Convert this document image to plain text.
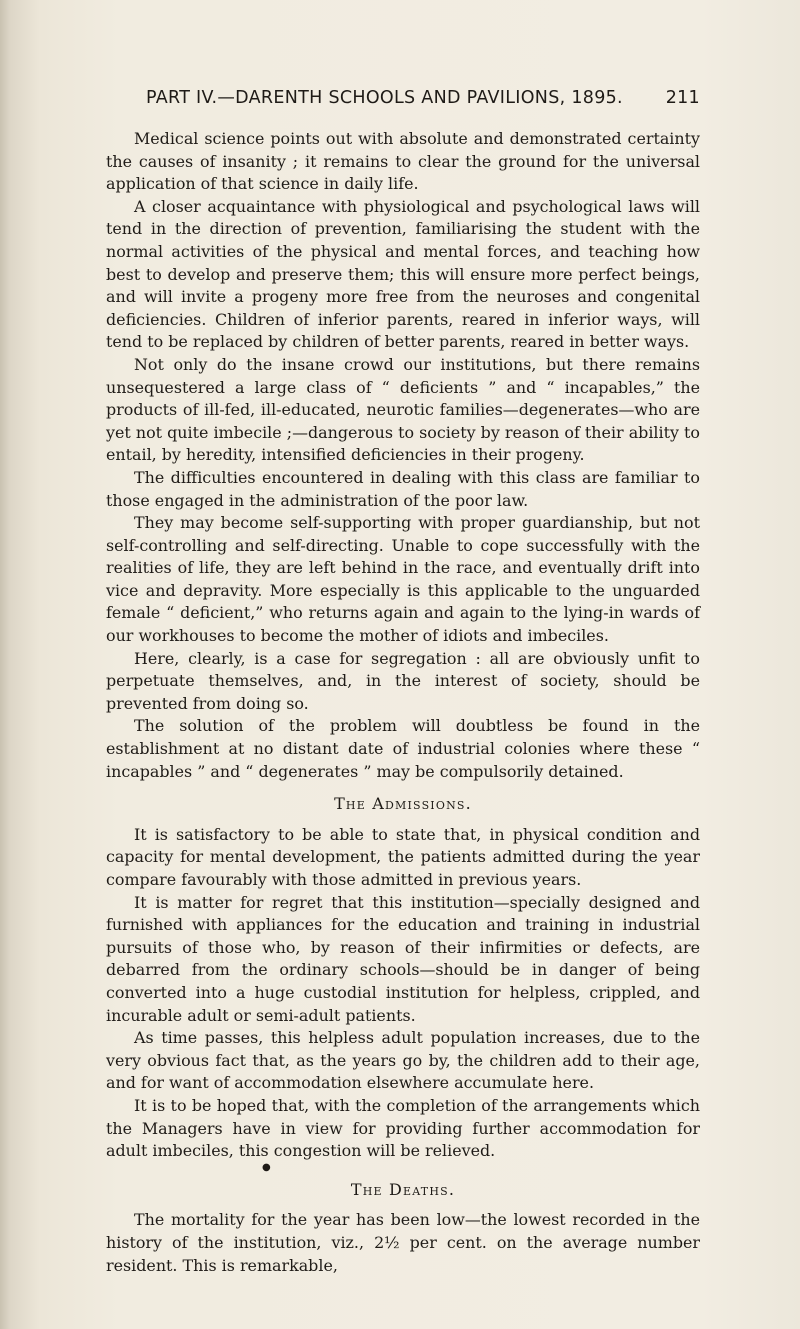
PART IV.—DARENTH SCHOOLS AND PAVILIONS, 1895. 211

Medical science points out with absolute and demonstrated certainty the causes of insanity ; it remains to clear the ground for the universal application of that science in daily life.

A closer acquaintance with physiological and psychological laws will tend in the direction of prevention, familiarising the student with the normal activities of the physical and mental forces, and teaching how best to develop and preserve them; this will ensure more perfect beings, and will invite a progeny more free from the neuroses and congenital deficiencies. Children of inferior parents, reared in inferior ways, will tend to be replaced by children of better parents, reared in better ways.

Not only do the insane crowd our institutions, but there remains unsequestered a large class of “ deficients ” and “ incapables,” the products of ill-fed, ill-educated, neurotic families—degenerates—who are yet not quite imbecile ;—dangerous to society by reason of their ability to entail, by heredity, intensified deficiencies in their progeny.

The difficulties encountered in dealing with this class are familiar to those engaged in the administration of the poor law.

They may become self-supporting with proper guardianship, but not self-controlling and self-directing. Unable to cope successfully with the realities of life, they are left behind in the race, and eventually drift into vice and depravity. More especially is this applicable to the unguarded female “ deficient,” who returns again and again to the lying-in wards of our workhouses to become the mother of idiots and imbeciles.

Here, clearly, is a case for segregation : all are obviously unfit to perpetuate themselves, and, in the interest of society, should be prevented from doing so.

The solution of the problem will doubtless be found in the establishment at no distant date of industrial colonies where these “ incapables ” and “ degenerates ” may be compulsorily detained.

The Admissions.

It is satisfactory to be able to state that, in physical condition and capacity for mental development, the patients admitted during the year compare favourably with those admitted in previous years.

It is matter for regret that this institution—specially designed and furnished with appliances for the education and training in industrial pursuits of those who, by reason of their infirmities or defects, are debarred from the ordinary schools—should be in danger of being converted into a huge custodial institution for helpless, crippled, and incurable adult or semi-adult patients.

As time passes, this helpless adult population increases, due to the very obvious fact that, as the years go by, the children add to their age, and for want of accommodation elsewhere accumulate here.

It is to be hoped that, with the completion of the arrangements which the Managers have in view for providing further accommodation for adult imbeciles, this congestion will be relieved.

●
The Deaths.

The mortality for the year has been low—the lowest recorded in the history of the institution, viz., 2½ per cent. on the average number resident. This is remarkable,
